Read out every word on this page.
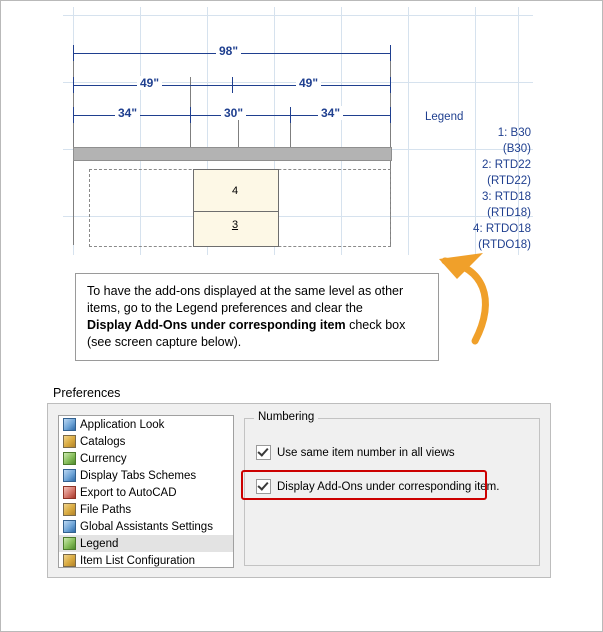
98"
49"	49"
34"	30"	34"
4
3
Legend
1: B30
(B30)
2: RTD22
(RTD22)
3: RTD18
(RTD18)
4: RTDO18
(RTDO18)
To have the add-ons displayed at the same level as other
items, go to the Legend preferences and clear the
Display Add-Ons under corresponding item check box
(see screen capture below).
Preferences
Application Look
Catalogs
Currency
Display Tabs Schemes
Export to AutoCAD
File Paths
Global Assistants Settings
Legend
Item List Configuration
Numbering
Use same item number in all views
Display Add-Ons under corresponding item.
